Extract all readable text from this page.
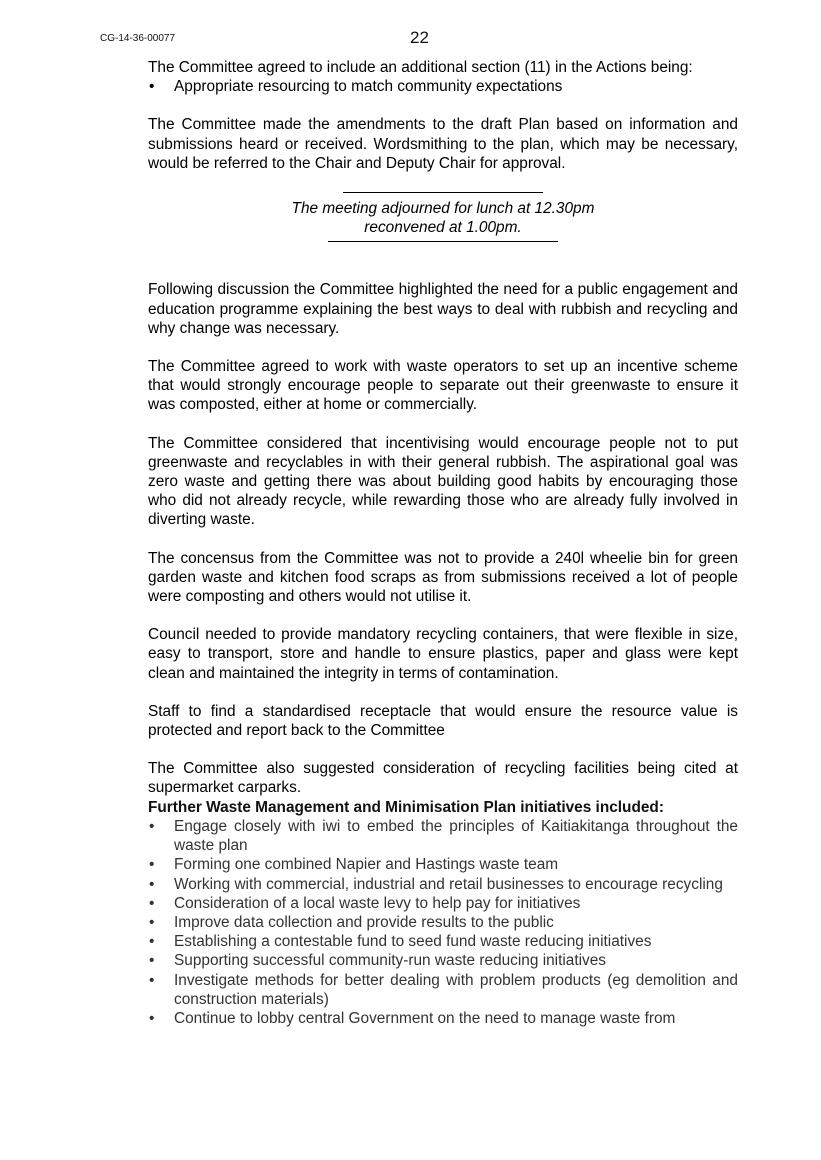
CG-14-36-00077	22

The Committee agreed to include an additional section (11) in the Actions being:

• Appropriate resourcing to match community expectations

The Committee made the amendments to the draft Plan based on information and submissions heard or received. Wordsmithing to the plan, which may be necessary, would be referred to the Chair and Deputy Chair for approval.

The meeting adjourned for lunch at 12.30pm
reconvened at 1.00pm.

Following discussion the Committee highlighted the need for a public engagement and education programme explaining the best ways to deal with rubbish and recycling and why change was necessary.

The Committee agreed to work with waste operators to set up an incentive scheme that would strongly encourage people to separate out their greenwaste to ensure it was composted, either at home or commercially.

The Committee considered that incentivising would encourage people not to put greenwaste and recyclables in with their general rubbish. The aspirational goal was zero waste and getting there was about building good habits by encouraging those who did not already recycle, while rewarding those who are already fully involved in diverting waste.

The concensus from the Committee was not to provide a 240l wheelie bin for green garden waste and kitchen food scraps as from submissions received a lot of people were composting and others would not utilise it.

Council needed to provide mandatory recycling containers, that were flexible in size, easy to transport, store and handle to ensure plastics, paper and glass were kept clean and maintained the integrity in terms of contamination.

Staff to find a standardised receptacle that would ensure the resource value is protected and report back to the Committee

The Committee also suggested consideration of recycling facilities being cited at supermarket carparks.

Further Waste Management and Minimisation Plan initiatives included:

• Engage closely with iwi to embed the principles of Kaitiakitanga throughout the waste plan
• Forming one combined Napier and Hastings waste team
• Working with commercial, industrial and retail businesses to encourage recycling
• Consideration of a local waste levy to help pay for initiatives
• Improve data collection and provide results to the public
• Establishing a contestable fund to seed fund waste reducing initiatives
• Supporting successful community-run waste reducing initiatives
• Investigate methods for better dealing with problem products (eg demolition and construction materials)
• Continue to lobby central Government on the need to manage waste from
